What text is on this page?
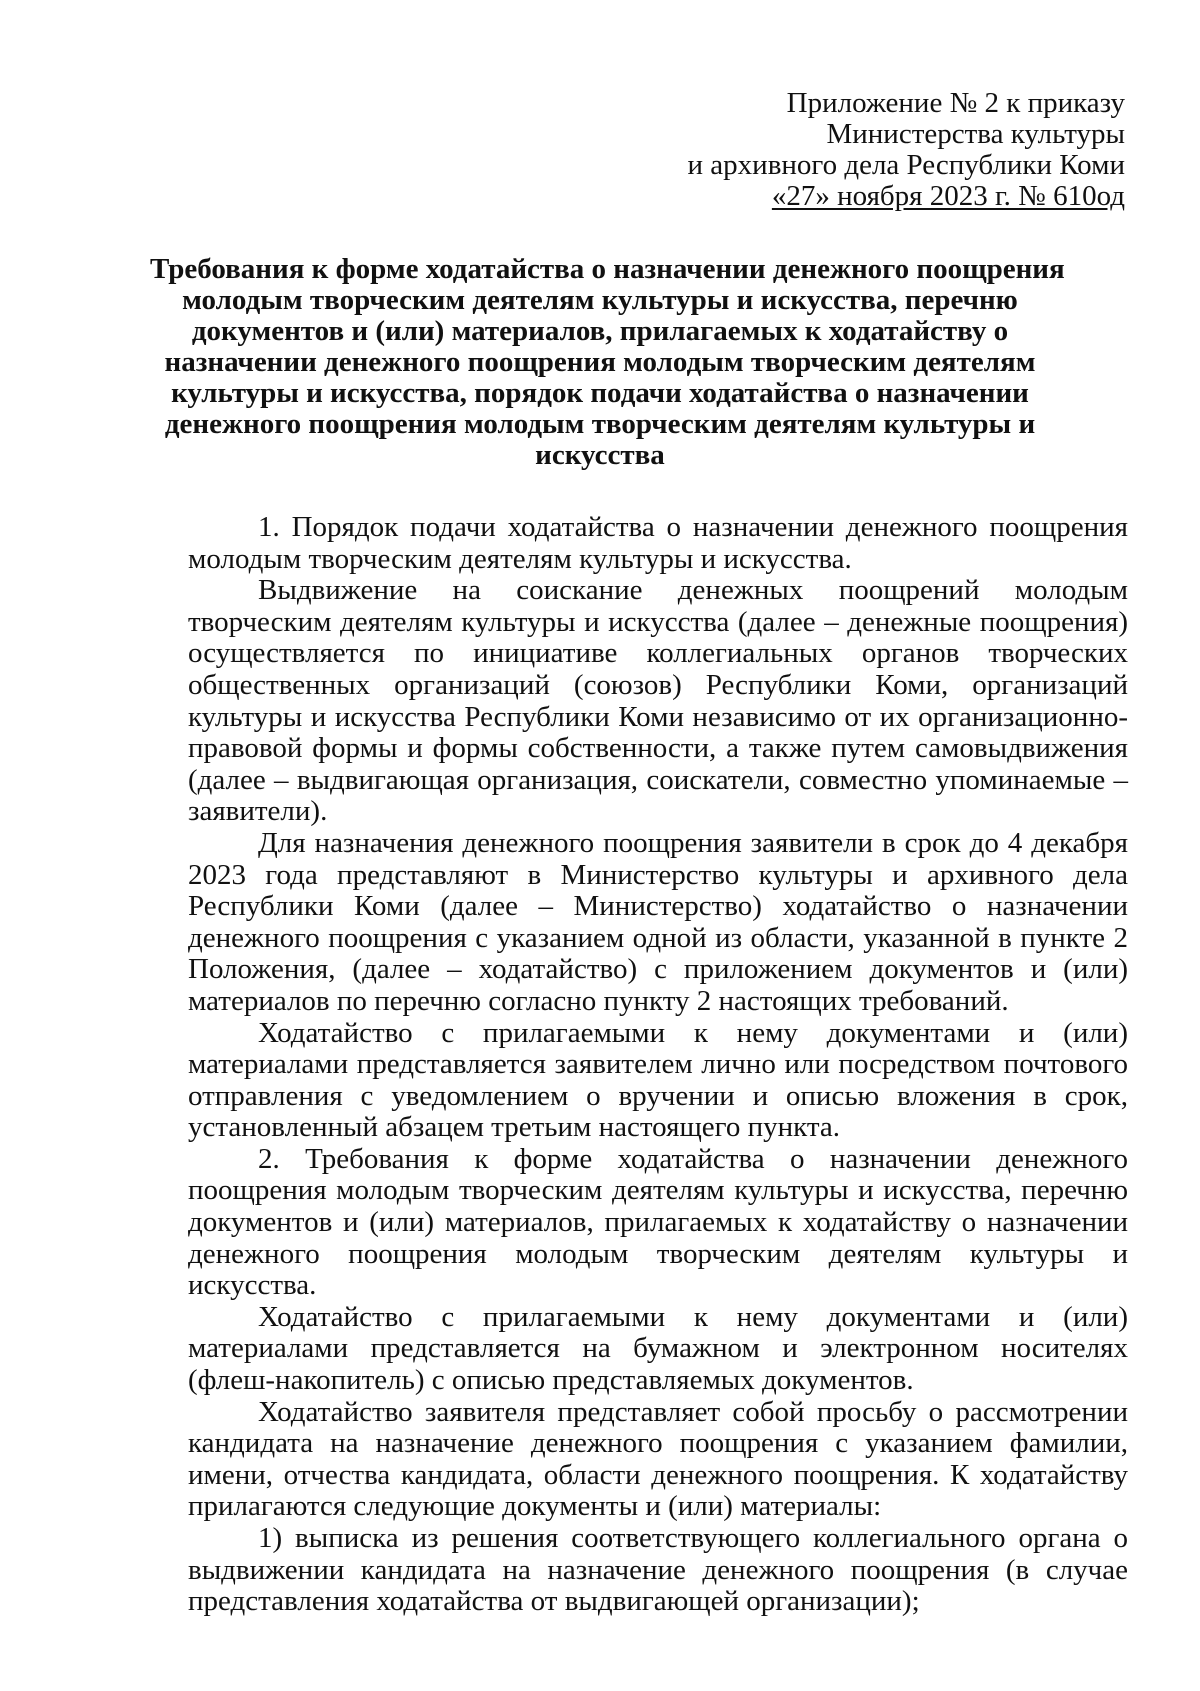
Приложение № 2 к приказу
Министерства культуры
и архивного дела Республики Коми
«27» ноября 2023 г. № 610од
Требования к форме ходатайства о назначении денежного поощрения
молодым творческим деятелям культуры и искусства, перечню
документов и (или) материалов, прилагаемых к ходатайству о
назначении денежного поощрения молодым творческим деятелям
культуры и искусства, порядок подачи ходатайства о назначении
денежного поощрения молодым творческим деятелям культуры и
искусства

1. Порядок подачи ходатайства о назначении денежного поощрения молодым творческим деятелям культуры и искусства.

Выдвижение на соискание денежных поощрений молодым творческим деятелям культуры и искусства (далее – денежные поощрения) осуществляется по инициативе коллегиальных органов творческих общественных организаций (союзов) Республики Коми, организаций культуры и искусства Республики Коми независимо от их организационно-правовой формы и формы собственности, а также путем самовыдвижения (далее – выдвигающая организация, соискатели, совместно упоминаемые – заявители).

Для назначения денежного поощрения заявители в срок до 4 декабря 2023 года представляют в Министерство культуры и архивного дела Республики Коми (далее – Министерство) ходатайство о назначении денежного поощрения с указанием одной из области, указанной в пункте 2 Положения, (далее – ходатайство) с приложением документов и (или) материалов по перечню согласно пункту 2 настоящих требований.

Ходатайство с прилагаемыми к нему документами и (или) материалами представляется заявителем лично или посредством почтового отправления с уведомлением о вручении и описью вложения в срок, установленный абзацем третьим настоящего пункта.

2. Требования к форме ходатайства о назначении денежного поощрения молодым творческим деятелям культуры и искусства, перечню документов и (или) материалов, прилагаемых к ходатайству о назначении денежного поощрения молодым творческим деятелям культуры и искусства.

Ходатайство с прилагаемыми к нему документами и (или) материалами представляется на бумажном и электронном носителях (флеш-накопитель) с описью представляемых документов.

Ходатайство заявителя представляет собой просьбу о рассмотрении кандидата на назначение денежного поощрения с указанием фамилии, имени, отчества кандидата, области денежного поощрения. К ходатайству прилагаются следующие документы и (или) материалы:

1) выписка из решения соответствующего коллегиального органа о выдвижении кандидата на назначение денежного поощрения (в случае представления ходатайства от выдвигающей организации);
